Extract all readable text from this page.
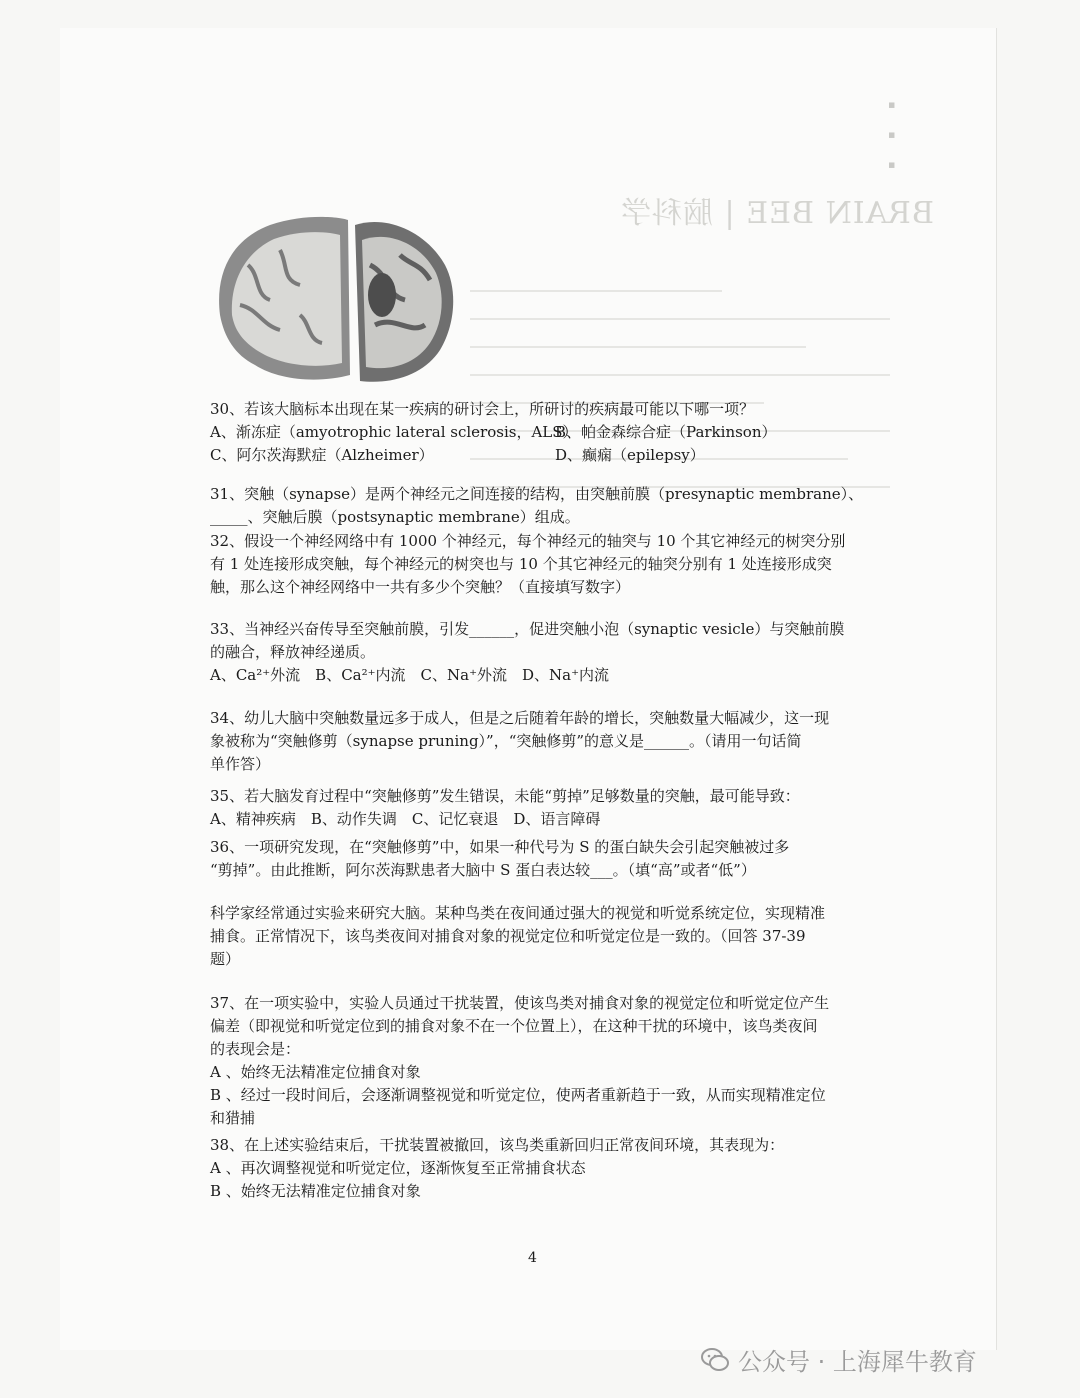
▪
▪
▪
BRAIN BEE | 脑科学

30、若该大脑标本出现在某一疾病的研讨会上，所研讨的疾病最可能以下哪一项？

A、渐冻症（amyotrophic lateral sclerosis，ALS）
B、帕金森综合症（Parkinson）
C、阿尔茨海默症（Alzheimer）	D、癫痫（epilepsy）

31、突触（synapse）是两个神经元之间连接的结构，由突触前膜（presynaptic membrane）、

_____、突触后膜（postsynaptic membrane）组成。

32、假设一个神经网络中有 1000 个神经元，每个神经元的轴突与 10 个其它神经元的树突分别

有 1 处连接形成突触，每个神经元的树突也与 10 个其它神经元的轴突分别有 1 处连接形成突

触，那么这个神经网络中一共有多少个突触？（直接填写数字）

33、当神经兴奋传导至突触前膜，引发______，促进突触小泡（synaptic vesicle）与突触前膜

的融合，释放神经递质。

A、Ca²⁺外流　B、Ca²⁺内流　C、Na⁺外流　D、Na⁺内流

34、幼儿大脑中突触数量远多于成人，但是之后随着年龄的增长，突触数量大幅减少，这一现

象被称为“突触修剪（synapse pruning）”，“突触修剪”的意义是______。（请用一句话简

单作答）

35、若大脑发育过程中“突触修剪”发生错误，未能“剪掉”足够数量的突触，最可能导致：

A、精神疾病　B、动作失调　C、记忆衰退　D、语言障碍

36、一项研究发现，在“突触修剪”中，如果一种代号为 S 的蛋白缺失会引起突触被过多

“剪掉”。由此推断，阿尔茨海默患者大脑中 S 蛋白表达较___。（填“高”或者“低”）

科学家经常通过实验来研究大脑。某种鸟类在夜间通过强大的视觉和听觉系统定位，实现精准

捕食。正常情况下，该鸟类夜间对捕食对象的视觉定位和听觉定位是一致的。（回答 37-39

题）

37、在一项实验中，实验人员通过干扰装置，使该鸟类对捕食对象的视觉定位和听觉定位产生

偏差（即视觉和听觉定位到的捕食对象不在一个位置上），在这种干扰的环境中，该鸟类夜间

的表现会是：

A 、始终无法精准定位捕食对象

B 、经过一段时间后，会逐渐调整视觉和听觉定位，使两者重新趋于一致，从而实现精准定位

和猎捕

38、在上述实验结束后，干扰装置被撤回，该鸟类重新回归正常夜间环境，其表现为：

A 、再次调整视觉和听觉定位，逐渐恢复至正常捕食状态

B 、始终无法精准定位捕食对象

4
公众号 · 上海犀牛教育
